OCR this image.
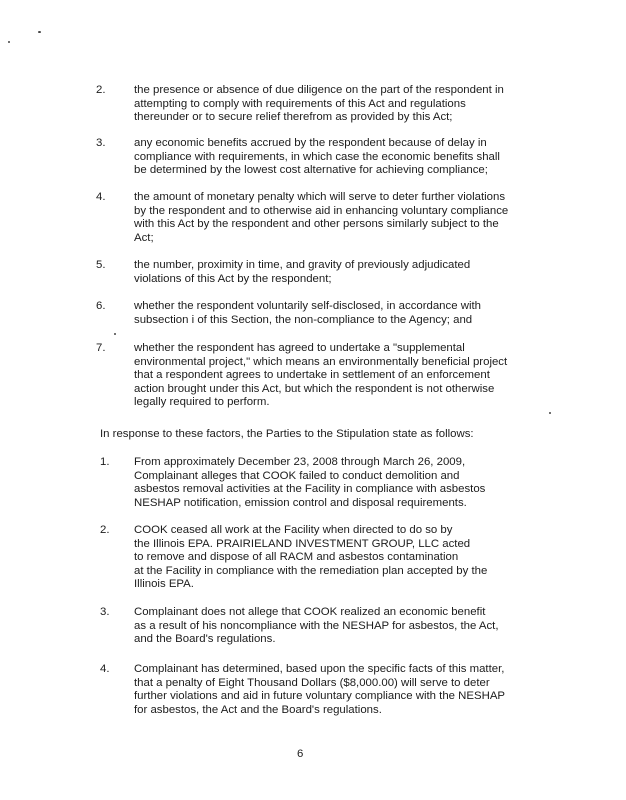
2.	the presence or absence of due diligence on the part of the respondent in
attempting to comply with requirements of this Act and regulations
thereunder or to secure relief therefrom as provided by this Act;
3.	any economic benefits accrued by the respondent because of delay in
compliance with requirements, in which case the economic benefits shall
be determined by the lowest cost alternative for achieving compliance;
4.	the amount of monetary penalty which will serve to deter further violations
by the respondent and to otherwise aid in enhancing voluntary compliance
with this Act by the respondent and other persons similarly subject to the
Act;
5.	the number, proximity in time, and gravity of previously adjudicated
violations of this Act by the respondent;
6.	whether the respondent voluntarily self-disclosed, in accordance with
subsection i of this Section, the non-compliance to the Agency; and
7.	whether the respondent has agreed to undertake a "supplemental
environmental project," which means an environmentally beneficial project
that a respondent agrees to undertake in settlement of an enforcement
action brought under this Act, but which the respondent is not otherwise
legally required to perform.
In response to these factors, the Parties to the Stipulation state as follows:
1. From approximately December 23, 2008 through March 26, 2009,
Complainant alleges that COOK failed to conduct demolition and
asbestos removal activities at the Facility in compliance with asbestos
NESHAP notification, emission control and disposal requirements.
2. COOK ceased all work at the Facility when directed to do so by
the Illinois EPA. PRAIRIELAND INVESTMENT GROUP, LLC acted
to remove and dispose of all RACM and asbestos contamination
at the Facility in compliance with the remediation plan accepted by the
Illinois EPA.
3. Complainant does not allege that COOK realized an economic benefit
as a result of his noncompliance with the NESHAP for asbestos, the Act,
and the Board's regulations.
4. Complainant has determined, based upon the specific facts of this matter,
that a penalty of Eight Thousand Dollars ($8,000.00) will serve to deter
further violations and aid in future voluntary compliance with the NESHAP
for asbestos, the Act and the Board's regulations.
6
